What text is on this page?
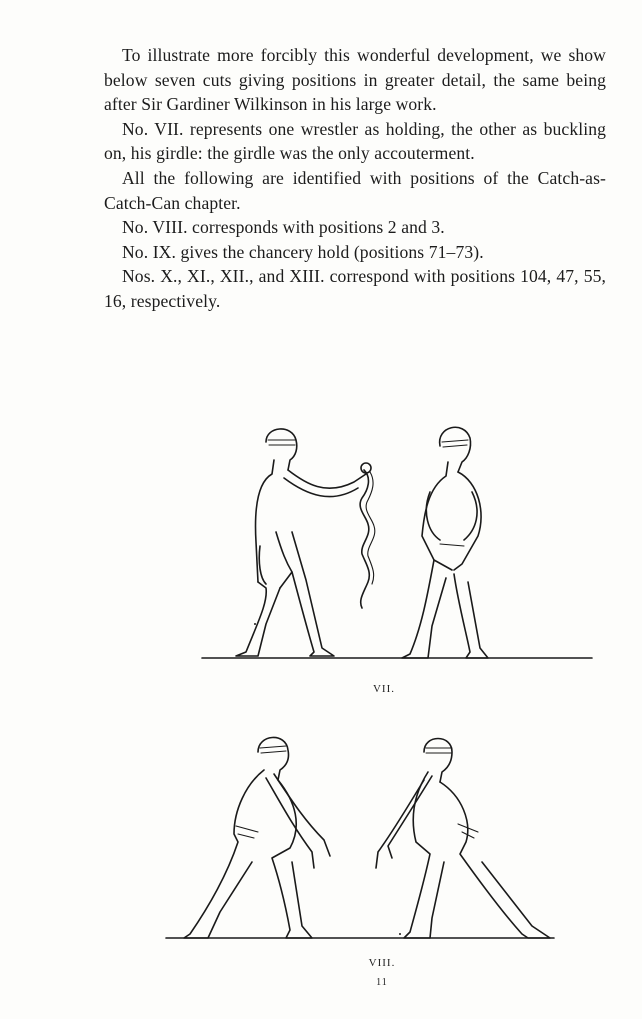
To illustrate more forcibly this wonderful development, we show below seven cuts giving positions in greater detail, the same being after Sir Gardiner Wilkinson in his large work.

No. VII. represents one wrestler as holding, the other as buckling on, his girdle: the girdle was the only accouterment.

All the following are identified with positions of the Catch-as-Catch-Can chapter.

No. VIII. corresponds with positions 2 and 3.

No. IX. gives the chancery hold (positions 71–73).

Nos. X., XI., XII., and XIII. correspond with positions 104, 47, 55, 16, respectively.

VII.
VIII.
11
